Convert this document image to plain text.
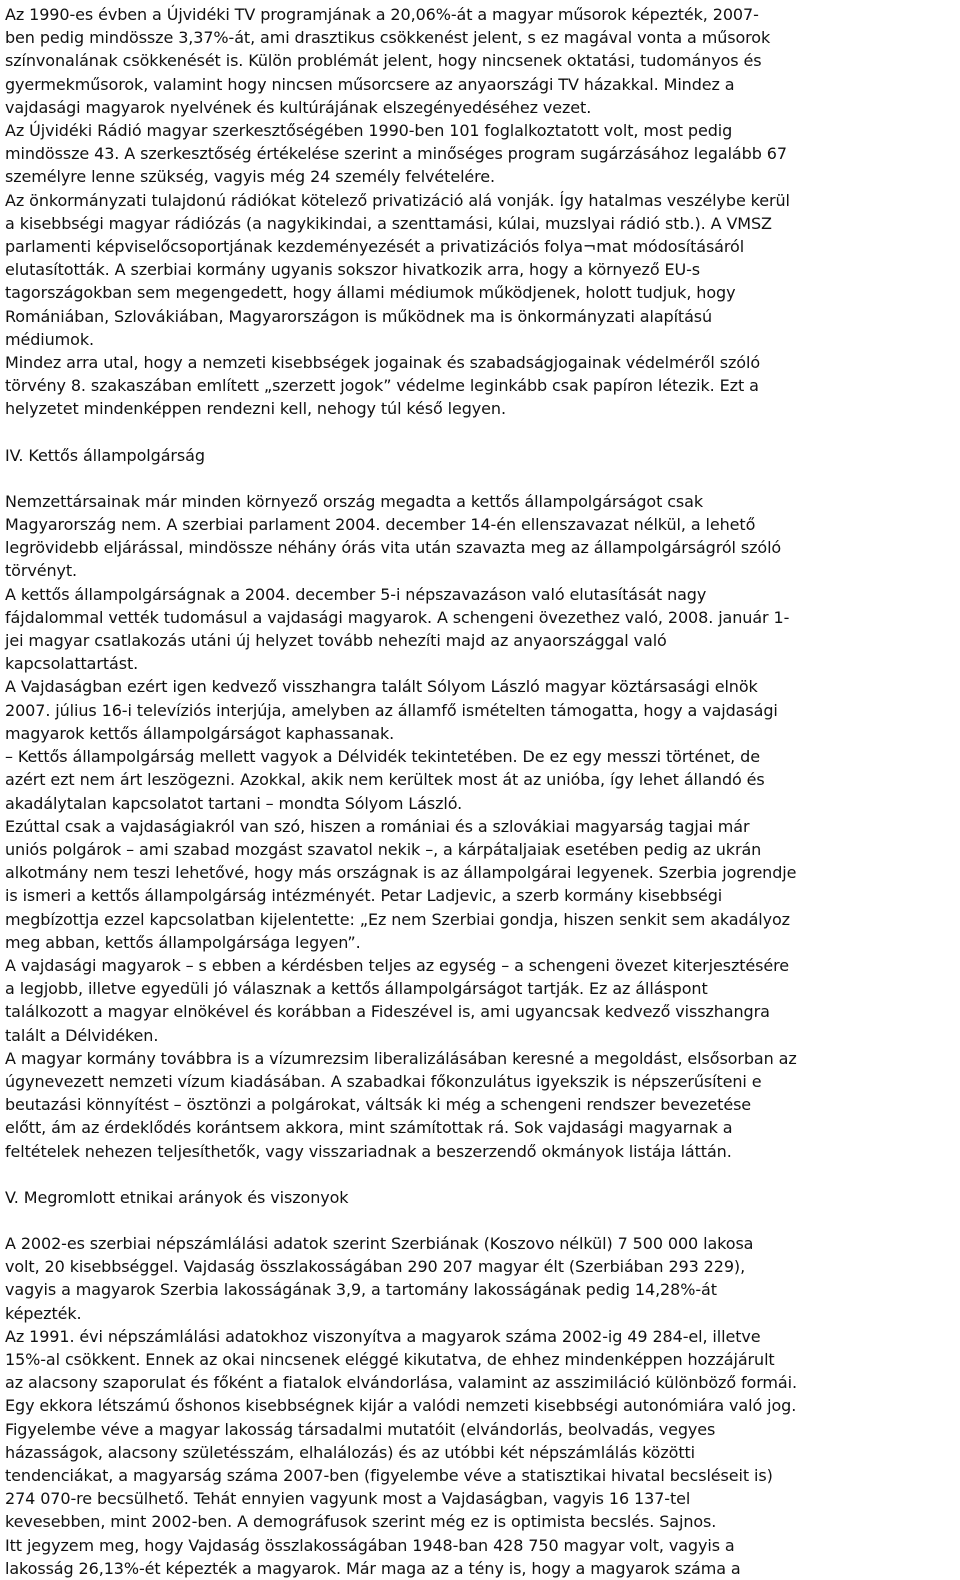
Az 1990-es évben a Újvidéki TV programjának a 20,06%-át a magyar műsorok képezték, 2007-

ben pedig mindössze 3,37%-át, ami drasztikus csökkenést jelent, s ez magával vonta a műsorok

színvonalának csökkenését is. Külön problémát jelent, hogy nincsenek oktatási, tudományos és

gyermekműsorok, valamint hogy nincsen műsorcsere az anyaországi TV házakkal. Mindez a

vajdasági magyarok nyelvének és kultúrájának elszegényedéséhez vezet.

Az Újvidéki Rádió magyar szerkesztőségében 1990-ben 101 foglalkoztatott volt, most pedig

mindössze 43. A szerkesztőség értékelése szerint a minőséges program sugárzásához legalább 67

személyre lenne szükség, vagyis még 24 személy felvételére.

Az önkormányzati tulajdonú rádiókat kötelező privatizáció alá vonják. Így hatalmas veszélybe kerül

a kisebbségi magyar rádiózás (a nagykikindai, a szenttamási, kúlai, muzslyai rádió stb.). A VMSZ

parlamenti képviselőcsoportjának kezdeményezését a privatizációs folya¬mat módosításáról

elutasították. A szerbiai kormány ugyanis sokszor hivatkozik arra, hogy a környező EU-s

tagországokban sem megengedett, hogy állami médiumok működjenek, holott tudjuk, hogy

Romániában, Szlovákiában, Magyarországon is működnek ma is önkormányzati alapítású

médiumok.

Mindez arra utal, hogy a nemzeti kisebbségek jogainak és szabadságjogainak védelméről szóló

törvény 8. szakaszában említett „szerzett jogok” védelme leginkább csak papíron létezik. Ezt a

helyzetet mindenképpen rendezni kell, nehogy túl késő legyen.

IV. Kettős állampolgárság

Nemzettársainak már minden környező ország megadta a kettős állampolgárságot csak

Magyarország nem. A szerbiai parlament 2004. december 14-én ellenszavazat nélkül, a lehető

legrövidebb eljárással, mindössze néhány órás vita után szavazta meg az állampolgárságról szóló

törvényt.

A kettős állampolgárságnak a 2004. december 5-i népszavazáson való elutasítását nagy

fájdalommal vették tudomásul a vajdasági magyarok. A schengeni övezethez való, 2008. január 1-

jei magyar csatlakozás utáni új helyzet tovább nehezíti majd az anyaországgal való

kapcsolattartást.

A Vajdaságban ezért igen kedvező visszhangra talált Sólyom László magyar köztársasági elnök

2007. július 16-i televíziós interjúja, amelyben az államfő ismételten támogatta, hogy a vajdasági

magyarok kettős állampolgárságot kaphassanak.

– Kettős állampolgárság mellett vagyok a Délvidék tekintetében. De ez egy messzi történet, de

azért ezt nem árt leszögezni. Azokkal, akik nem kerültek most át az unióba, így lehet állandó és

akadálytalan kapcsolatot tartani – mondta Sólyom László.

Ezúttal csak a vajdaságiakról van szó, hiszen a romániai és a szlovákiai magyarság tagjai már

uniós polgárok – ami szabad mozgást szavatol nekik –, a kárpátaljaiak esetében pedig az ukrán

alkotmány nem teszi lehetővé, hogy más országnak is az állampolgárai legyenek. Szerbia jogrendje

is ismeri a kettős állampolgárság intézményét. Petar Ladjevic, a szerb kormány kisebbségi

megbízottja ezzel kapcsolatban kijelentette: „Ez nem Szerbiai gondja, hiszen senkit sem akadályoz

meg abban, kettős állampolgársága legyen”.

A vajdasági magyarok – s ebben a kérdésben teljes az egység – a schengeni övezet kiterjesztésére

a legjobb, illetve egyedüli jó válasznak a kettős állampolgárságot tartják. Ez az álláspont

találkozott a magyar elnökével és korábban a Fideszével is, ami ugyancsak kedvező visszhangra

talált a Délvidéken.

A magyar kormány továbbra is a vízumrezsim liberalizálásában keresné a megoldást, elsősorban az

úgynevezett nemzeti vízum kiadásában. A szabadkai főkonzulátus igyekszik is népszerűsíteni e

beutazási könnyítést – ösztönzi a polgárokat, váltsák ki még a schengeni rendszer bevezetése

előtt, ám az érdeklődés korántsem akkora, mint számítottak rá. Sok vajdasági magyarnak a

feltételek nehezen teljesíthetők, vagy visszariadnak a beszerzendő okmányok listája láttán.

V. Megromlott etnikai arányok és viszonyok

A 2002-es szerbiai népszámlálási adatok szerint Szerbiának (Koszovo nélkül) 7 500 000 lakosa

volt, 20 kisebbséggel. Vajdaság összlakosságában 290 207 magyar élt (Szerbiában 293 229),

vagyis a magyarok Szerbia lakosságának 3,9, a tartomány lakosságának pedig 14,28%-át

képezték.

Az 1991. évi népszámlálási adatokhoz viszonyítva a magyarok száma 2002-ig 49 284-el, illetve

15%-al csökkent. Ennek az okai nincsenek eléggé kikutatva, de ehhez mindenképpen hozzájárult

az alacsony szaporulat és főként a fiatalok elvándorlása, valamint az asszimiláció különböző formái.

Egy ekkora létszámú őshonos kisebbségnek kijár a valódi nemzeti kisebbségi autonómiára való jog.

Figyelembe véve a magyar lakosság társadalmi mutatóit (elvándorlás, beolvadás, vegyes

házasságok, alacsony születésszám, elhalálozás) és az utóbbi két népszámlálás közötti

tendenciákat, a magyarság száma 2007-ben (figyelembe véve a statisztikai hivatal becsléseit is)

274 070-re becsülhető. Tehát ennyien vagyunk most a Vajdaságban, vagyis 16 137-tel

kevesebben, mint 2002-ben. A demográfusok szerint még ez is optimista becslés. Sajnos.

Itt jegyzem meg, hogy Vajdaság összlakosságában 1948-ban 428 750 magyar volt, vagyis a

lakosság 26,13%-ét képezték a magyarok. Már maga az a tény is, hogy a magyarok száma a
